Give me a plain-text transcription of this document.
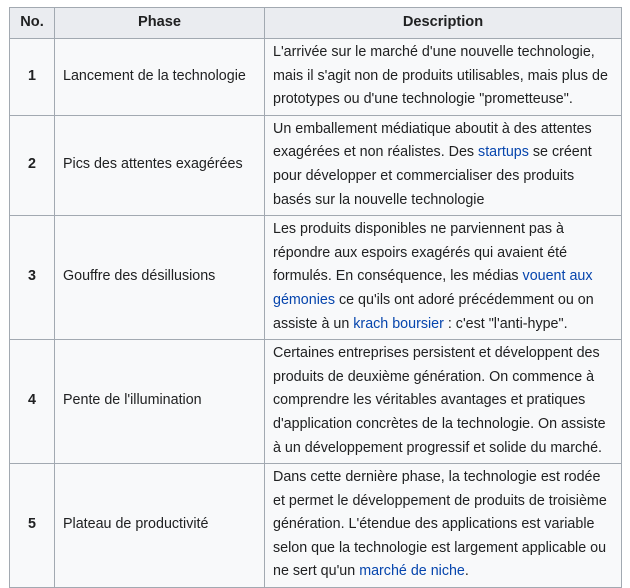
No.	Phase	Description
1	Lancement de la technologie	L'arrivée sur le marché d'une nouvelle technologie, mais il s'agit non de produits utilisables, mais plus de prototypes ou d'une technologie "prometteuse".
2	Pics des attentes exagérées	Un emballement médiatique aboutit à des attentes exagérées et non réalistes. Des startups se créent pour développer et commercialiser des produits basés sur la nouvelle technologie
3	Gouffre des désillusions	Les produits disponibles ne parviennent pas à répondre aux espoirs exagérés qui avaient été formulés. En conséquence, les médias vouent aux gémonies ce qu'ils ont adoré précédemment ou on assiste à un krach boursier : c'est "l'anti-hype".
4	Pente de l'illumination	Certaines entreprises persistent et développent des produits de deuxième génération. On commence à comprendre les véritables avantages et pratiques d'application concrètes de la technologie. On assiste à un développement progressif et solide du marché.
5	Plateau de productivité	Dans cette dernière phase, la technologie est rodée et permet le développement de produits de troisième génération. L'étendue des applications est variable selon que la technologie est largement applicable ou ne sert qu'un marché de niche.
